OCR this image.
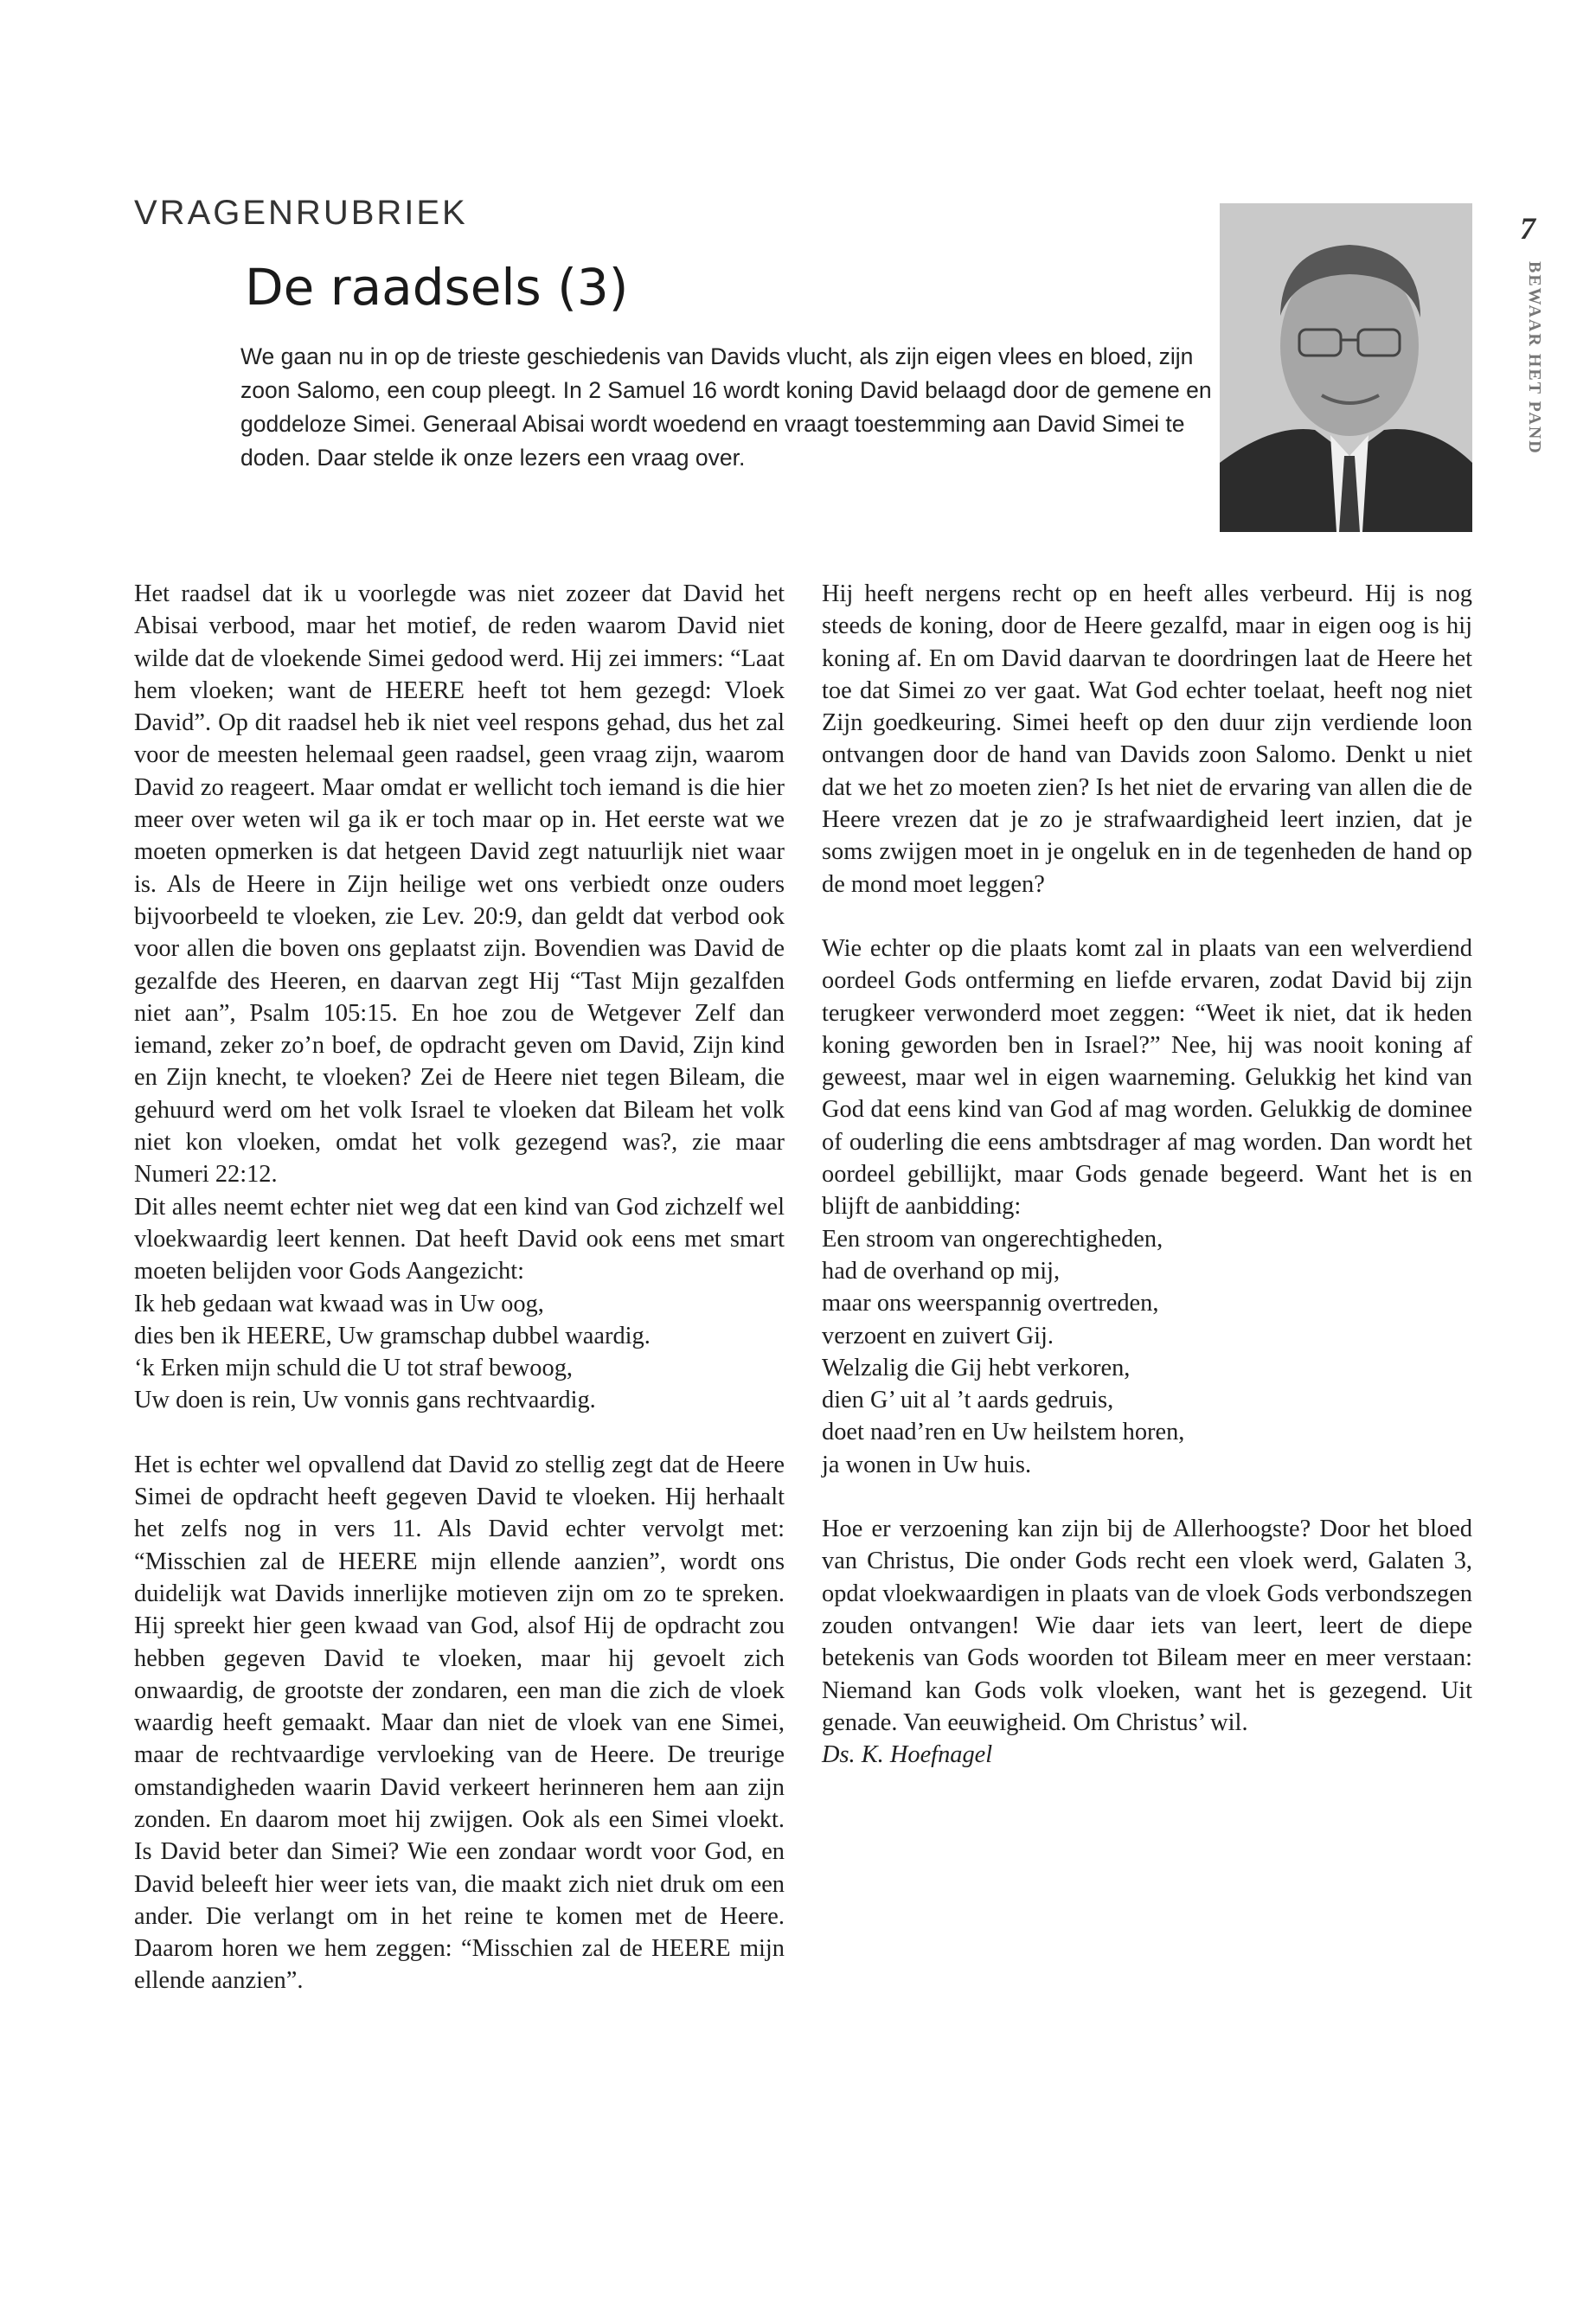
VRAGENRUBRIEK

De raadsels (3)

We gaan nu in op de trieste geschiedenis van Davids vlucht, als zijn eigen vlees en bloed, zijn zoon Salomo, een coup pleegt. In 2 Samuel 16 wordt koning David belaagd door de gemene en goddeloze Simei. Generaal Abisai wordt woedend en vraagt toestemming aan David Simei te doden. Daar stelde ik onze lezers een vraag over.

7

BEWAAR HET PAND

Het raadsel dat ik u voorlegde was niet zozeer dat David het Abisai verbood, maar het motief, de reden waarom David niet wilde dat de vloekende Simei gedood werd. Hij zei immers: “Laat hem vloeken; want de HEERE heeft tot hem gezegd: Vloek David”. Op dit raadsel heb ik niet veel respons gehad, dus het zal voor de meesten helemaal geen raadsel, geen vraag zijn, waarom David zo reageert. Maar omdat er wellicht toch iemand is die hier meer over weten wil ga ik er toch maar op in. Het eerste wat we moeten opmerken is dat hetgeen David zegt natuurlijk niet waar is. Als de Heere in Zijn heilige wet ons verbiedt onze ouders bijvoorbeeld te vloeken, zie Lev. 20:9, dan geldt dat verbod ook voor allen die boven ons geplaatst zijn. Bovendien was David de gezalfde des Heeren, en daarvan zegt Hij “Tast Mijn gezalfden niet aan”, Psalm 105:15. En hoe zou de Wetgever Zelf dan iemand, zeker zo’n boef, de opdracht geven om David, Zijn kind en Zijn knecht, te vloeken? Zei de Heere niet tegen Bileam, die gehuurd werd om het volk Israel te vloeken dat Bileam het volk niet kon vloeken, omdat het volk gezegend was?, zie maar Numeri 22:12.

Dit alles neemt echter niet weg dat een kind van God zichzelf wel vloekwaardig leert kennen. Dat heeft David ook eens met smart moeten belijden voor Gods Aangezicht:

Ik heb gedaan wat kwaad was in Uw oog,
dies ben ik HEERE, Uw gramschap dubbel waardig.
‘k Erken mijn schuld die U tot straf bewoog,
Uw doen is rein, Uw vonnis gans rechtvaardig.

Het is echter wel opvallend dat David zo stellig zegt dat de Heere Simei de opdracht heeft gegeven David te vloeken. Hij herhaalt het zelfs nog in vers 11. Als David echter vervolgt met: “Misschien zal de HEERE mijn ellende aanzien”, wordt ons duidelijk wat Davids innerlijke motieven zijn om zo te spreken. Hij spreekt hier geen kwaad van God, alsof Hij de opdracht zou hebben gegeven David te vloeken, maar hij gevoelt zich onwaardig, de grootste der zondaren, een man die zich de vloek waardig heeft gemaakt. Maar dan niet de vloek van ene Simei, maar de rechtvaardige vervloeking van de Heere. De treurige omstandigheden waarin David verkeert herinneren hem aan zijn zonden. En daarom moet hij zwijgen. Ook als een Simei vloekt. Is David beter dan Simei? Wie een zondaar wordt voor God, en David beleeft hier weer iets van, die maakt zich niet druk om een ander. Die verlangt om in het reine te komen met de Heere. Daarom horen we hem zeggen: “Misschien zal de HEERE mijn ellende aanzien”.

Hij heeft nergens recht op en heeft alles verbeurd. Hij is nog steeds de koning, door de Heere gezalfd, maar in eigen oog is hij koning af. En om David daarvan te doordringen laat de Heere het toe dat Simei zo ver gaat. Wat God echter toelaat, heeft nog niet Zijn goedkeuring. Simei heeft op den duur zijn verdiende loon ontvangen door de hand van Davids zoon Salomo. Denkt u niet dat we het zo moeten zien? Is het niet de ervaring van allen die de Heere vrezen dat je zo je strafwaardigheid leert inzien, dat je soms zwijgen moet in je ongeluk en in de tegenheden de hand op de mond moet leggen?

Wie echter op die plaats komt zal in plaats van een welverdiend oordeel Gods ontferming en liefde ervaren, zodat David bij zijn terugkeer verwonderd moet zeggen: “Weet ik niet, dat ik heden koning geworden ben in Israel?” Nee, hij was nooit koning af geweest, maar wel in eigen waarneming. Gelukkig het kind van God dat eens kind van God af mag worden. Gelukkig de dominee of ouderling die eens ambtsdrager af mag worden. Dan wordt het oordeel gebillijkt, maar Gods genade begeerd. Want het is en blijft de aanbidding:

Een stroom van ongerechtigheden,
had de overhand op mij,
maar ons weerspannig overtreden,
verzoent en zuivert Gij.
Welzalig die Gij hebt verkoren,
dien G’ uit al ’t aards gedruis,
doet naad’ren en Uw heilstem horen,
ja wonen in Uw huis.

Hoe er verzoening kan zijn bij de Allerhoogste? Door het bloed van Christus, Die onder Gods recht een vloek werd, Galaten 3, opdat vloekwaardigen in plaats van de vloek Gods verbondszegen zouden ontvangen! Wie daar iets van leert, leert de diepe betekenis van Gods woorden tot Bileam meer en meer verstaan: Niemand kan Gods volk vloeken, want het is gezegend. Uit genade. Van eeuwigheid. Om Christus’ wil.

Ds. K. Hoefnagel
